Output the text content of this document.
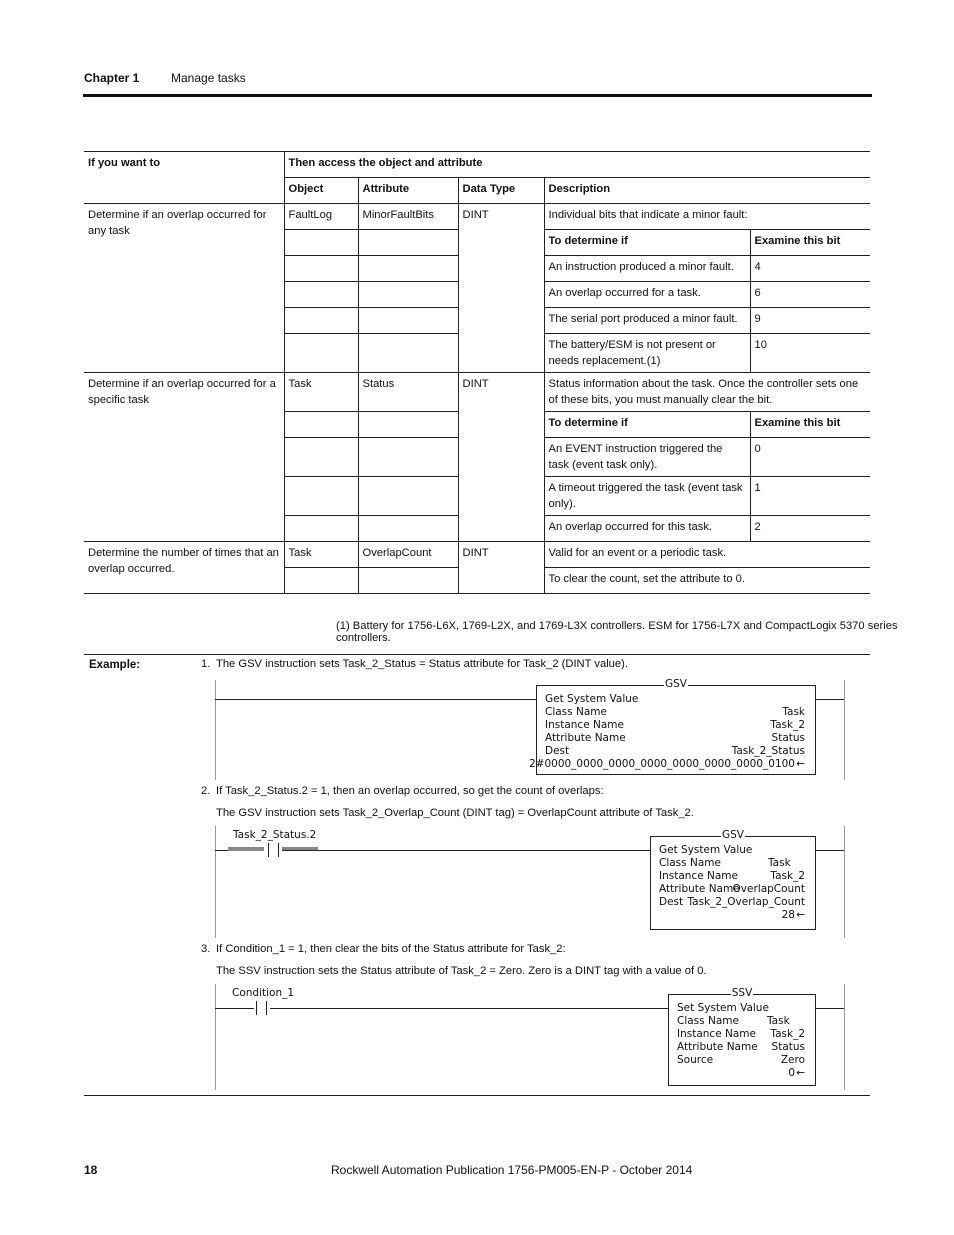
Chapter 1	Manage tasks
If you want to	Then access the object and attribute				
	Object	Attribute	Data Type	Description	
Determine if an overlap occurred for any task	FaultLog	MinorFaultBits	DINT	Individual bits that indicate a minor fault:	
				To determine if	Examine this bit
				An instruction produced a minor fault.	4
				An overlap occurred for a task.	6
				The serial port produced a minor fault.	9
				The battery/ESM is not present or needs replacement.(1)	10
Determine if an overlap occurred for a specific task	Task	Status	DINT	Status information about the task. Once the controller sets one of these bits, you must manually clear the bit.	
				To determine if	Examine this bit
				An EVENT instruction triggered the task (event task only).	0
				A timeout triggered the task (event task only).	1
				An overlap occurred for this task.	2
Determine the number of times that an overlap occurred.	Task	OverlapCount	DINT	Valid for an event or a periodic task.	
				To clear the count, set the attribute to 0.	
(1) Battery for 1756-L6X, 1769-L2X, and 1769-L3X controllers. ESM for 1756-L7X and CompactLogix 5370 series controllers.
Example:	1. The GSV instruction sets Task_2_Status = Status attribute for Task_2 (DINT value).
GSV
Get System Value
Class Name	Task
Instance Name	Task_2
Attribute Name	Status
Dest	Task_2_Status
2#0000_0000_0000_0000_0000_0000_0000_0100 ←
2. If Task_2_Status.2 = 1, then an overlap occurred, so get the count of overlaps:
The GSV instruction sets Task_2_Overlap_Count (DINT tag) = OverlapCount attribute of Task_2.
Task_2_Status.2	GSV
Get System Value
Class Name	Task
Instance Name	Task_2
Attribute Name
OverlapCount
Dest Task_2_Overlap_Count
28 ←
3. If Condition_1 = 1, then clear the bits of the Status attribute for Task_2:
The SSV instruction sets the Status attribute of Task_2 = Zero. Zero is a DINT tag with a value of 0.
Condition_1	SSV
Set System Value
Class Name	Task
Instance Name Task_2
Attribute Name Status
Source	Zero
0 ←
18	Rockwell Automation Publication 1756-PM005-EN-P - October 2014
